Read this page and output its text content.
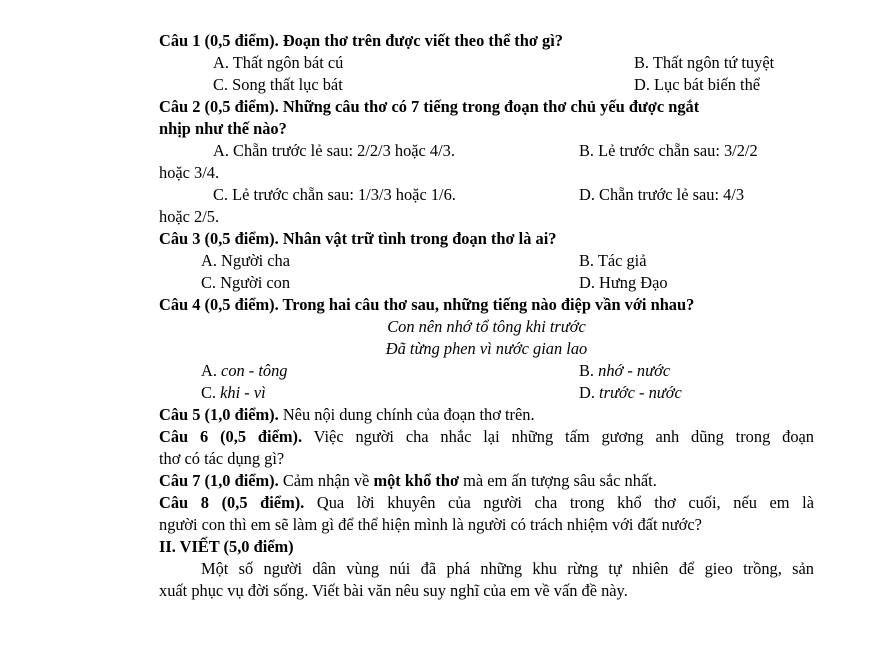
Câu 1 (0,5 điểm). Đoạn thơ trên được viết theo thể thơ gì?
A. Thất ngôn bát cú	B. Thất ngôn tứ tuyệt
C. Song thất lục bát	D. Lục bát biến thể
Câu 2 (0,5 điểm). Những câu thơ có 7 tiếng trong đoạn thơ chủ yếu được ngắt
nhịp như thế nào?
A. Chẵn trước lẻ sau: 2/2/3 hoặc 4/3.	B. Lẻ trước chẵn sau: 3/2/2
hoặc 3/4.
C. Lẻ trước chẵn sau: 1/3/3 hoặc 1/6.	D. Chẵn trước lẻ sau: 4/3
hoặc 2/5.
Câu 3 (0,5 điểm). Nhân vật trữ tình trong đoạn thơ là ai?
A. Người cha	B. Tác giả
C. Người con	D. Hưng Đạo
Câu 4 (0,5 điểm). Trong hai câu thơ sau, những tiếng nào điệp vần với nhau?
Con nên nhớ tổ tông khi trước
Đã từng phen vì nước gian lao
A. con - tông	B. nhớ - nước
C. khi - vì	D. trước - nước
Câu 5 (1,0 điểm). Nêu nội dung chính của đoạn thơ trên.
Câu 6 (0,5 điểm). Việc người cha nhắc lại những tấm gương anh dũng trong đoạn
thơ có tác dụng gì?
Câu 7 (1,0 điểm). Cảm nhận về một khổ thơ mà em ấn tượng sâu sắc nhất.
Câu 8 (0,5 điểm). Qua lời khuyên của người cha trong khổ thơ cuối, nếu em là
người con thì em sẽ làm gì để thể hiện mình là người có trách nhiệm với đất nước?
II. VIẾT (5,0 điểm)
Một số người dân vùng núi đã phá những khu rừng tự nhiên để gieo trồng, sản
xuất phục vụ đời sống. Viết bài văn nêu suy nghĩ của em về vấn đề này.
